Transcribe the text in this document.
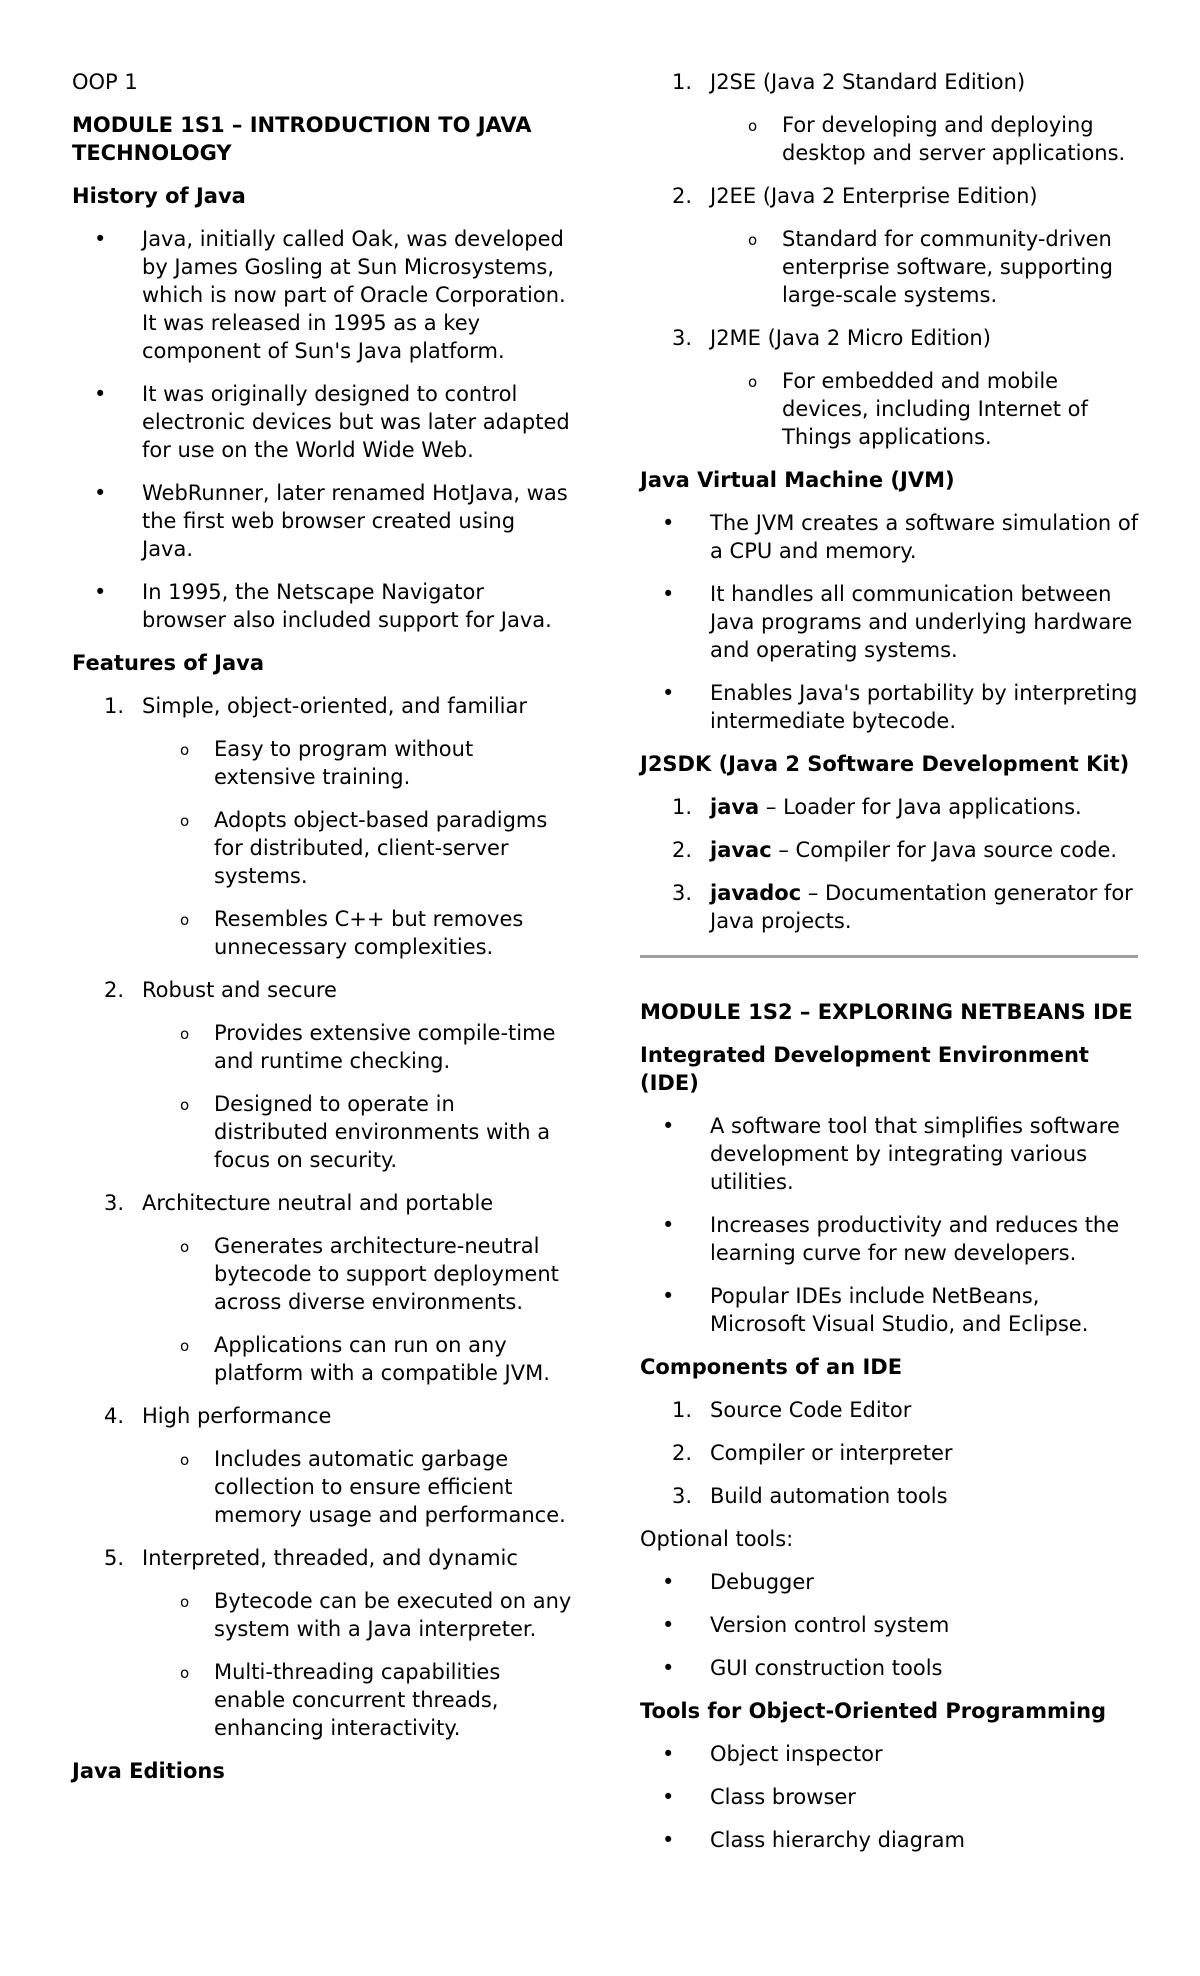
OOP 1
MODULE 1S1 – INTRODUCTION TO JAVA TECHNOLOGY
History of Java
• Java, initially called Oak, was developed by James Gosling at Sun Microsystems, which is now part of Oracle Corporation. It was released in 1995 as a key component of Sun's Java platform.
• It was originally designed to control electronic devices but was later adapted for use on the World Wide Web.
• WebRunner, later renamed HotJava, was the first web browser created using Java.
• In 1995, the Netscape Navigator browser also included support for Java.
Features of Java
1. Simple, object-oriented, and familiar
o Easy to program without extensive training.
o Adopts object-based paradigms for distributed, client-server systems.
o Resembles C++ but removes unnecessary complexities.
2. Robust and secure
o Provides extensive compile-time and runtime checking.
o Designed to operate in distributed environments with a focus on security.
3. Architecture neutral and portable
o Generates architecture-neutral bytecode to support deployment across diverse environments.
o Applications can run on any platform with a compatible JVM.
4. High performance
o Includes automatic garbage collection to ensure efficient memory usage and performance.
5. Interpreted, threaded, and dynamic
o Bytecode can be executed on any system with a Java interpreter.
o Multi-threading capabilities enable concurrent threads, enhancing interactivity.
Java Editions
1. J2SE (Java 2 Standard Edition)
o For developing and deploying desktop and server applications.
2. J2EE (Java 2 Enterprise Edition)
o Standard for community-driven enterprise software, supporting large-scale systems.
3. J2ME (Java 2 Micro Edition)
o For embedded and mobile devices, including Internet of Things applications.
Java Virtual Machine (JVM)
• The JVM creates a software simulation of a CPU and memory.
• It handles all communication between Java programs and underlying hardware and operating systems.
• Enables Java's portability by interpreting intermediate bytecode.
J2SDK (Java 2 Software Development Kit)
1. java – Loader for Java applications.
2. javac – Compiler for Java source code.
3. javadoc – Documentation generator for Java projects.
MODULE 1S2 – EXPLORING NETBEANS IDE
Integrated Development Environment (IDE)
• A software tool that simplifies software development by integrating various utilities.
• Increases productivity and reduces the learning curve for new developers.
• Popular IDEs include NetBeans, Microsoft Visual Studio, and Eclipse.
Components of an IDE
1. Source Code Editor
2. Compiler or interpreter
3. Build automation tools
Optional tools:
• Debugger
• Version control system
• GUI construction tools
Tools for Object-Oriented Programming
• Object inspector
• Class browser
• Class hierarchy diagram
